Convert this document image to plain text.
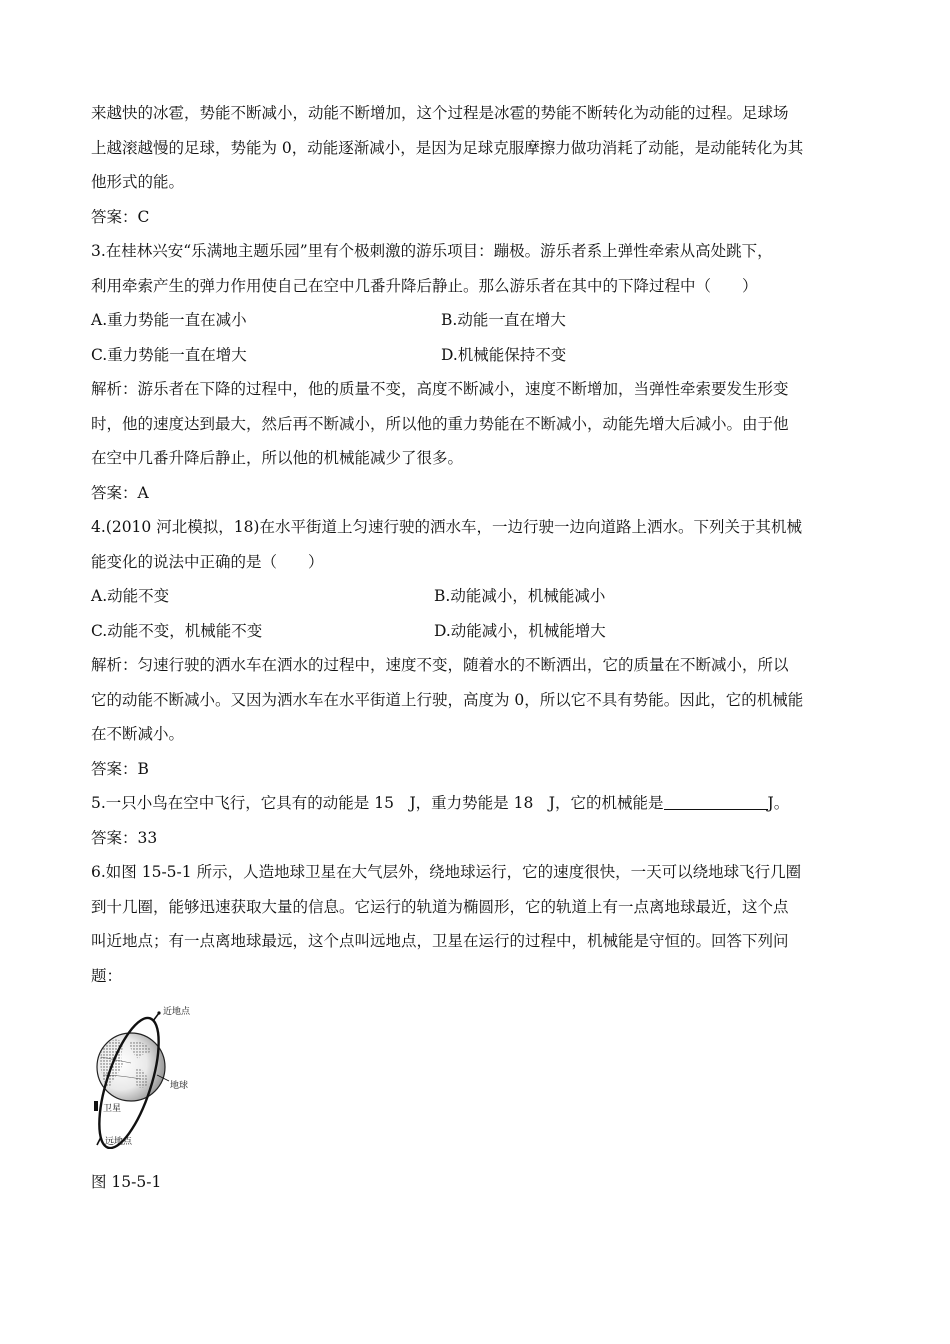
来越快的冰雹，势能不断减小，动能不断增加，这个过程是冰雹的势能不断转化为动能的过程。足球场
上越滚越慢的足球，势能为 0，动能逐渐减小，是因为足球克服摩擦力做功消耗了动能，是动能转化为其
他形式的能。
答案：C
3.在桂林兴安“乐满地主题乐园”里有个极刺激的游乐项目：蹦极。游乐者系上弹性牵索从高处跳下，
利用牵索产生的弹力作用使自己在空中几番升降后静止。那么游乐者在其中的下降过程中（　　）
A.重力势能一直在减小	B.动能一直在增大
C.重力势能一直在增大	D.机械能保持不变
解析：游乐者在下降的过程中，他的质量不变，高度不断减小，速度不断增加，当弹性牵索要发生形变
时，他的速度达到最大，然后再不断减小，所以他的重力势能在不断减小，动能先增大后减小。由于他
在空中几番升降后静止，所以他的机械能减少了很多。
答案：A
4.(2010 河北模拟，18)在水平街道上匀速行驶的洒水车，一边行驶一边向道路上洒水。下列关于其机械
能变化的说法中正确的是（　　）
A.动能不变	B.动能减小，机械能减小
C.动能不变，机械能不变	D.动能减小，机械能增大
解析：匀速行驶的洒水车在洒水的过程中，速度不变，随着水的不断洒出，它的质量在不断减小，所以
它的动能不断减小。又因为洒水车在水平街道上行驶，高度为 0，所以它不具有势能。因此，它的机械能
在不断减小。
答案：B
5.一只小鸟在空中飞行，它具有的动能是 15　J，重力势能是 18　J，它的机械能是	J。
答案：33
6.如图 15-5-1 所示，人造地球卫星在大气层外，绕地球运行，它的速度很快，一天可以绕地球飞行几圈
到十几圈，能够迅速获取大量的信息。它运行的轨道为椭圆形，它的轨道上有一点离地球最近，这个点
叫近地点；有一点离地球最远，这个点叫远地点，卫星在运行的过程中，机械能是守恒的。回答下列问
题：
近地点
地球
卫星
远地点
图 15-5-1
